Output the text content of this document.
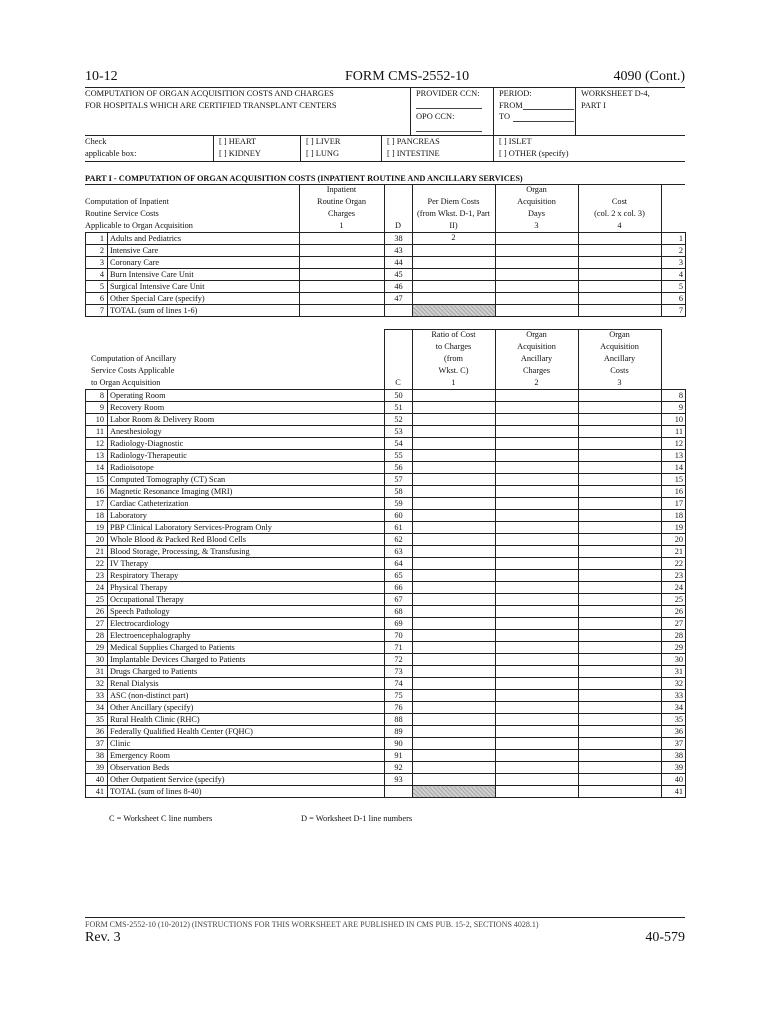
10-12	FORM CMS-2552-10	4090 (Cont.)
COMPUTATION OF ORGAN ACQUISITION COSTS AND CHARGES
FOR HOSPITALS WHICH ARE CERTIFIED TRANSPLANT CENTERS
PROVIDER CCN:
OPO CCN:
PERIOD:
FROM
TO
WORKSHEET D-4,
PART I
Check
applicable box:
[ ] HEART
[ ] KIDNEY
[ ] LIVER
[ ] LUNG
[ ] PANCREAS
[ ] INTESTINE
[ ] ISLET
[ ] OTHER (specify)
PART I - COMPUTATION OF ORGAN ACQUISITION COSTS (INPATIENT ROUTINE AND ANCILLARY SERVICES)
Computation of Inpatient
Routine Service Costs
Applicable to Organ Acquisition
Inpatient
Routine Organ
Charges
1	D
Per Diem Costs
(from Wkst. D-1, Part II)
2
Organ
Acquisition
Days
3
Cost
(col. 2 x col. 3)
4
1	Adults and Pediatrics		38				1
2	Intensive Care		43				2
3	Coronary Care		44				3
4	Burn Intensive Care Unit		45				4
5	Surgical Intensive Care Unit		46				5
6	Other Special Care (specify)		47				6
7	TOTAL (sum of lines 1-6)						7
Computation of Ancillary
Service Costs Applicable
to Organ Acquisition	C
Ratio of Cost
to Charges
(from
Wkst. C)
1
Organ
Acquisition
Ancillary
Charges
2
Organ
Acquisition
Ancillary
Costs
3
8	Operating Room	50				8
9	Recovery Room	51				9
10	Labor Room & Delivery Room	52				10
11	Anesthesiology	53				11
12	Radiology-Diagnostic	54				12
13	Radiology-Therapeutic	55				13
14	Radioisotope	56				14
15	Computed Tomography (CT) Scan	57				15
16	Magnetic Resonance Imaging (MRI)	58				16
17	Cardiac Catheterization	59				17
18	Laboratory	60				18
19	PBP Clinical Laboratory Services-Program Only	61				19
20	Whole Blood & Packed Red Blood Cells	62				20
21	Blood Storage, Processing, & Transfusing	63				21
22	IV Therapy	64				22
23	Respiratory Therapy	65				23
24	Physical Therapy	66				24
25	Occupational Therapy	67				25
26	Speech Pathology	68				26
27	Electrocardiology	69				27
28	Electroencephalography	70				28
29	Medical Supplies Charged to Patients	71				29
30	Implantable Devices Charged to Patients	72				30
31	Drugs Charged to Patients	73				31
32	Renal Dialysis	74				32
33	ASC (non-distinct part)	75				33
34	Other Ancillary (specify)	76				34
35	Rural Health Clinic (RHC)	88				35
36	Federally Qualified Health Center (FQHC)	89				36
37	Clinic	90				37
38	Emergency Room	91				38
39	Observation Beds	92				39
40	Other Outpatient Service (specify)	93				40
41	TOTAL (sum of lines 8-40)					41
C = Worksheet C line numbers	D = Worksheet D-1 line numbers
FORM CMS-2552-10 (10-2012) (INSTRUCTIONS FOR THIS WORKSHEET ARE PUBLISHED IN CMS PUB. 15-2, SECTIONS 4028.1)
Rev. 3	40-579
